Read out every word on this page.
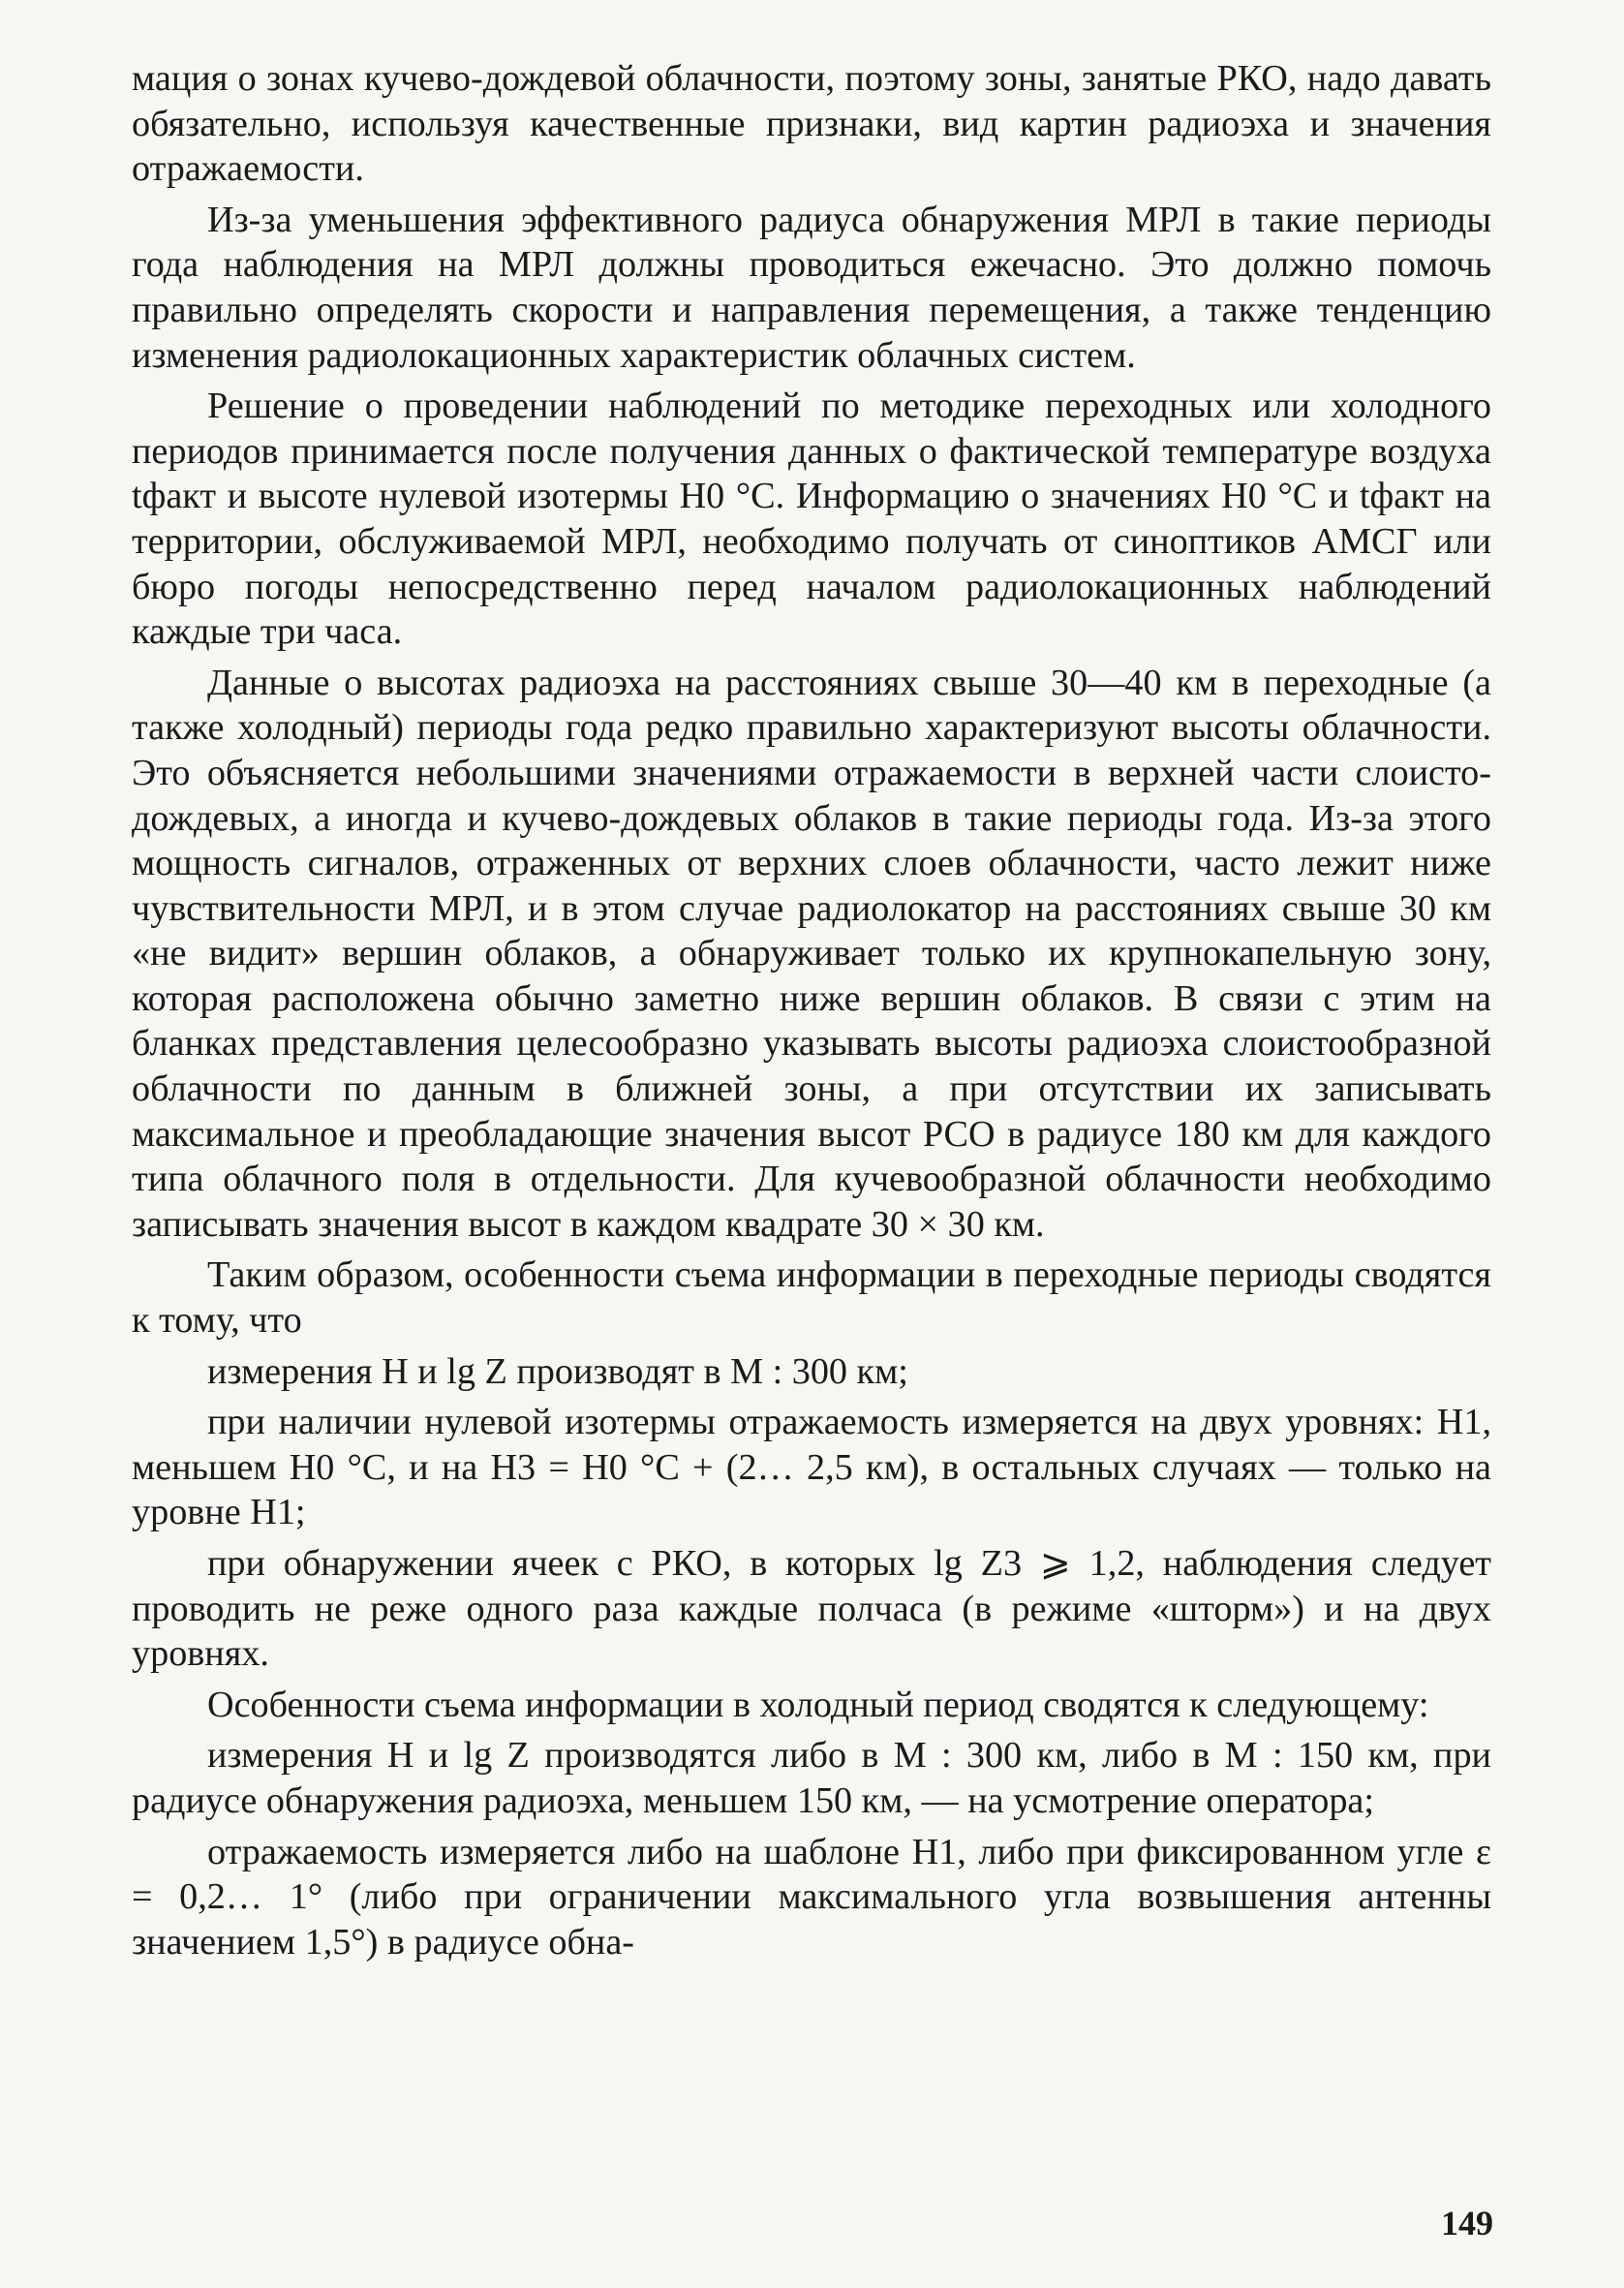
мация о зонах кучево-дождевой облачности, поэтому зоны, занятые РКО, надо давать обязательно, используя качественные признаки, вид картин радиоэха и значения отражаемости.

Из-за уменьшения эффективного радиуса обнаружения МРЛ в такие периоды года наблюдения на МРЛ должны проводиться ежечасно. Это должно помочь правильно определять скорости и направления перемещения, а также тенденцию изменения радиолокационных характеристик облачных систем.

Решение о проведении наблюдений по методике переходных или холодного периодов принимается после получения данных о фактической температуре воздуха tфакт и высоте нулевой изотермы H0 °C. Информацию о значениях H0 °C и tфакт на территории, обслуживаемой МРЛ, необходимо получать от синоптиков АМСГ или бюро погоды непосредственно перед началом радиолокационных наблюдений каждые три часа.

Данные о высотах радиоэха на расстояниях свыше 30—40 км в переходные (а также холодный) периоды года редко правильно характеризуют высоты облачности. Это объясняется небольшими значениями отражаемости в верхней части слоисто-дождевых, а иногда и кучево-дождевых облаков в такие периоды года. Из-за этого мощность сигналов, отраженных от верхних слоев облачности, часто лежит ниже чувствительности МРЛ, и в этом случае радиолокатор на расстояниях свыше 30 км «не видит» вершин облаков, а обнаруживает только их крупнокапельную зону, которая расположена обычно заметно ниже вершин облаков. В связи с этим на бланках представления целесообразно указывать высоты радиоэха слоистообразной облачности по данным в ближней зоны, а при отсутствии их записывать максимальное и преобладающие значения высот РСО в радиусе 180 км для каждого типа облачного поля в отдельности. Для кучевообразной облачности необходимо записывать значения высот в каждом квадрате 30 × 30 км.

Таким образом, особенности съема информации в переходные периоды сводятся к тому, что

измерения H и lg Z производят в M : 300 км;

при наличии нулевой изотермы отражаемость измеряется на двух уровнях: H1, меньшем H0 °C, и на H3 = H0 °C + (2… 2,5 км), в остальных случаях — только на уровне H1;

при обнаружении ячеек с РКО, в которых lg Z3 ⩾ 1,2, наблюдения следует проводить не реже одного раза каждые полчаса (в режиме «шторм») и на двух уровнях.

Особенности съема информации в холодный период сводятся к следующему:

измерения H и lg Z производятся либо в M : 300 км, либо в M : 150 км, при радиусе обнаружения радиоэха, меньшем 150 км, — на усмотрение оператора;

отражаемость измеряется либо на шаблоне H1, либо при фиксированном угле ε = 0,2… 1° (либо при ограничении максимального угла возвышения антенны значением 1,5°) в радиусе обна-

149
